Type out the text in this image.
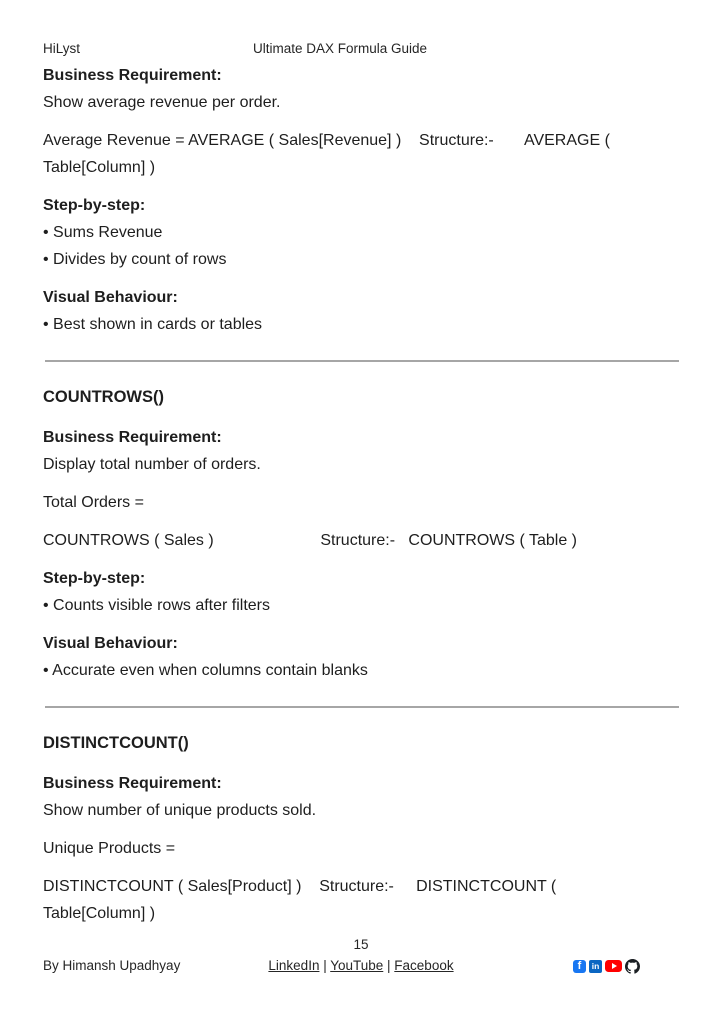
HiLyst	Ultimate DAX Formula Guide

Business Requirement:
Show average revenue per order.

Average Revenue = AVERAGE ( Sales[Revenue] )    Structure:-       AVERAGE (
Table[Column] )

Step-by-step:
• Sums Revenue
• Divides by count of rows

Visual Behaviour:
• Best shown in cards or tables

COUNTROWS()

Business Requirement:
Display total number of orders.

Total Orders =

COUNTROWS ( Sales )                        Structure:-   COUNTROWS ( Table )

Step-by-step:
• Counts visible rows after filters

Visual Behaviour:
• Accurate even when columns contain blanks

DISTINCTCOUNT()

Business Requirement:
Show number of unique products sold.

Unique Products =

DISTINCTCOUNT ( Sales[Product] )    Structure:-     DISTINCTCOUNT (
Table[Column] )

15
By Himansh Upadhyay	LinkedIn | YouTube | Facebook	f	in
